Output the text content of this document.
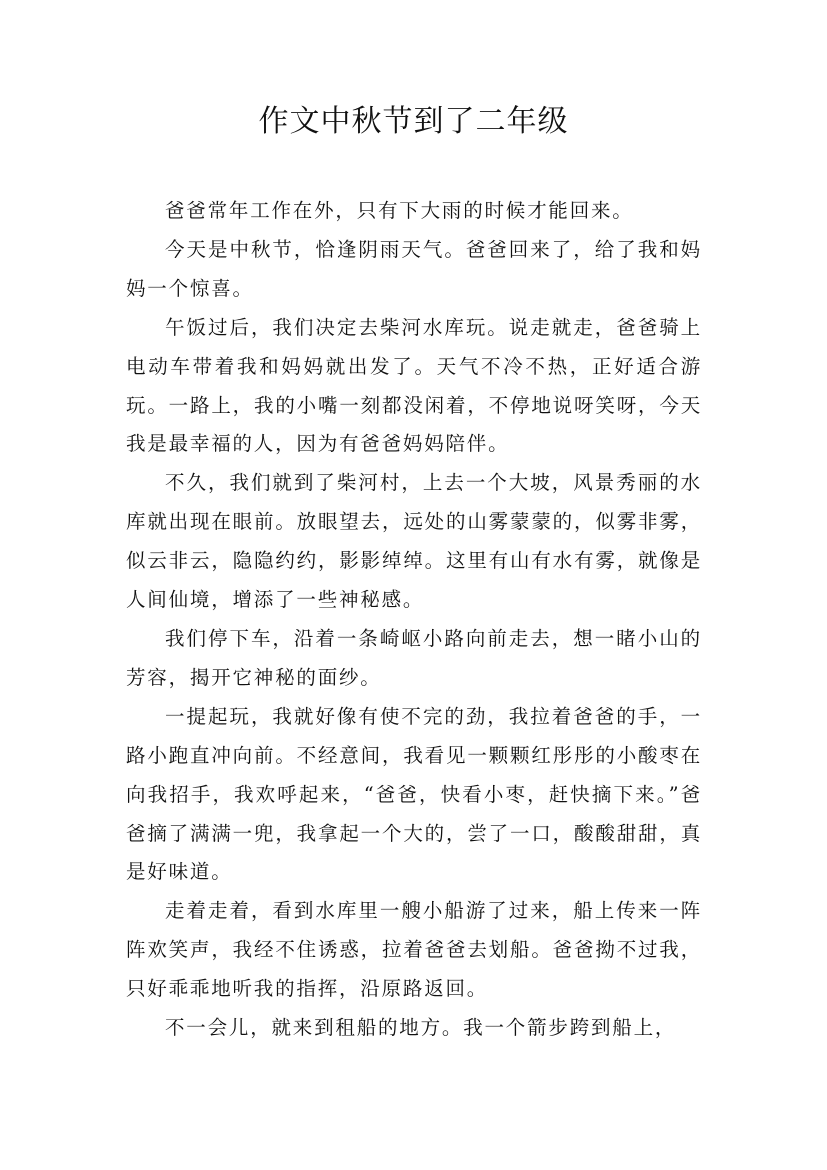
作文中秋节到了二年级

爸爸常年工作在外，只有下大雨的时候才能回来。

今天是中秋节，恰逢阴雨天气。爸爸回来了，给了我和妈妈一个惊喜。

午饭过后，我们决定去柴河水库玩。说走就走，爸爸骑上电动车带着我和妈妈就出发了。天气不冷不热，正好适合游玩。一路上，我的小嘴一刻都没闲着，不停地说呀笑呀，今天我是最幸福的人，因为有爸爸妈妈陪伴。

不久，我们就到了柴河村，上去一个大坡，风景秀丽的水库就出现在眼前。放眼望去，远处的山雾蒙蒙的，似雾非雾，似云非云，隐隐约约，影影绰绰。这里有山有水有雾，就像是人间仙境，增添了一些神秘感。

我们停下车，沿着一条崎岖小路向前走去，想一睹小山的芳容，揭开它神秘的面纱。

一提起玩，我就好像有使不完的劲，我拉着爸爸的手，一路小跑直冲向前。不经意间，我看见一颗颗红彤彤的小酸枣在向我招手，我欢呼起来，“爸爸，快看小枣，赶快摘下来。”爸爸摘了满满一兜，我拿起一个大的，尝了一口，酸酸甜甜，真是好味道。

走着走着，看到水库里一艘小船游了过来，船上传来一阵阵欢笑声，我经不住诱惑，拉着爸爸去划船。爸爸拗不过我，只好乖乖地听我的指挥，沿原路返回。

不一会儿，就来到租船的地方。我一个箭步跨到船上，
